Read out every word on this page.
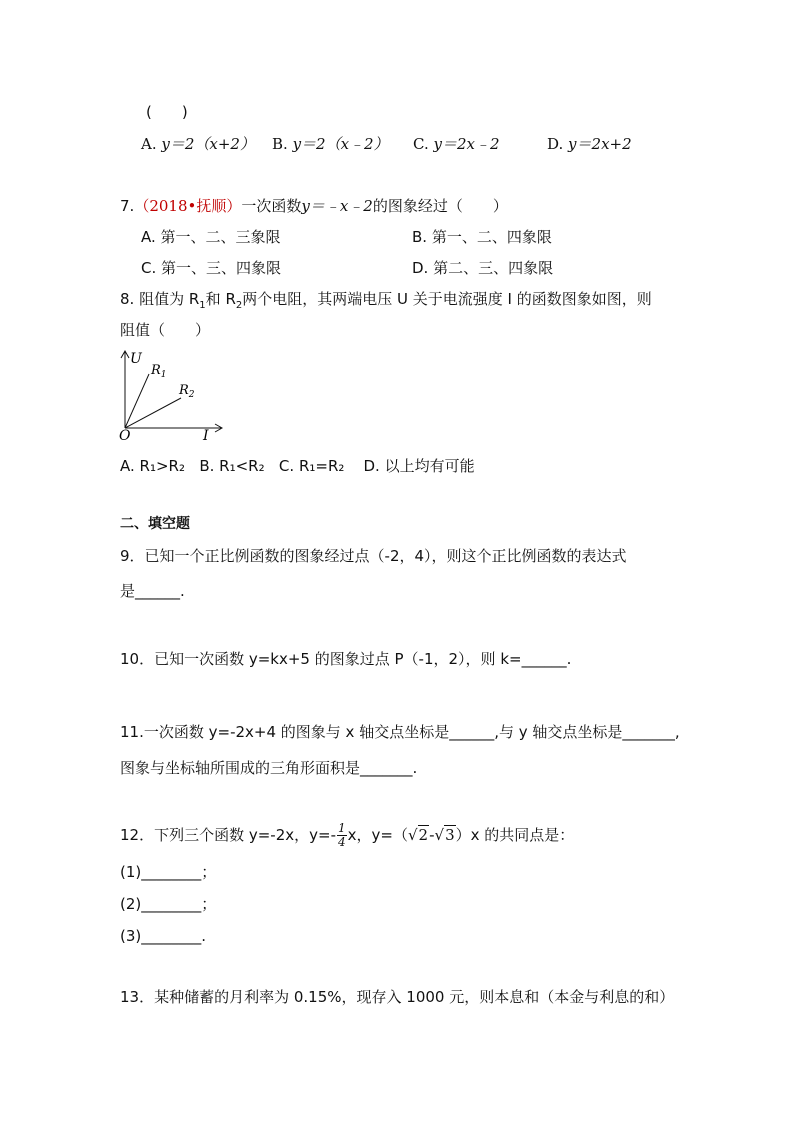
(　　)
A. y＝2（x+2） B. y＝2（x﹣2） C. y＝2x﹣2	D. y＝2x+2
7.（2018•抚顺）一次函数y＝﹣x﹣2的图象经过（　　）
A. 第一、二、三象限	B. 第一、二、四象限
C. 第一、三、四象限	D. 第二、三、四象限
8. 阻值为 $R_1$和 $R_2$两个电阻，其两端电压 U 关于电流强度 I 的函数图象如图，则
阻值（　　）
U
I
O
$R_1$
$R_2$
A. R₁>R₂ B. R₁<R₂ C. R₁=R₂ D. 以上均有可能
二、填空题
9．已知一个正比例函数的图象经过点（-2，4），则这个正比例函数的表达式
是______.
10．已知一次函数 y=kx+5 的图象过点 P（-1，2），则 k=______.
11.一次函数 y=-2x+4 的图象与 x 轴交点坐标是______,与 y 轴交点坐标是_______,
图象与坐标轴所围成的三角形面积是_______.
12．下列三个函数 y=-2x，$y=- \frac{1}{4}$ x，y=（√2-√3）x 的共同点是：
(1)________；
(2)________；
(3)________.
13．某种储蓄的月利率为 0.15%，现存入 1000 元，则本息和（本金与利息的和）
